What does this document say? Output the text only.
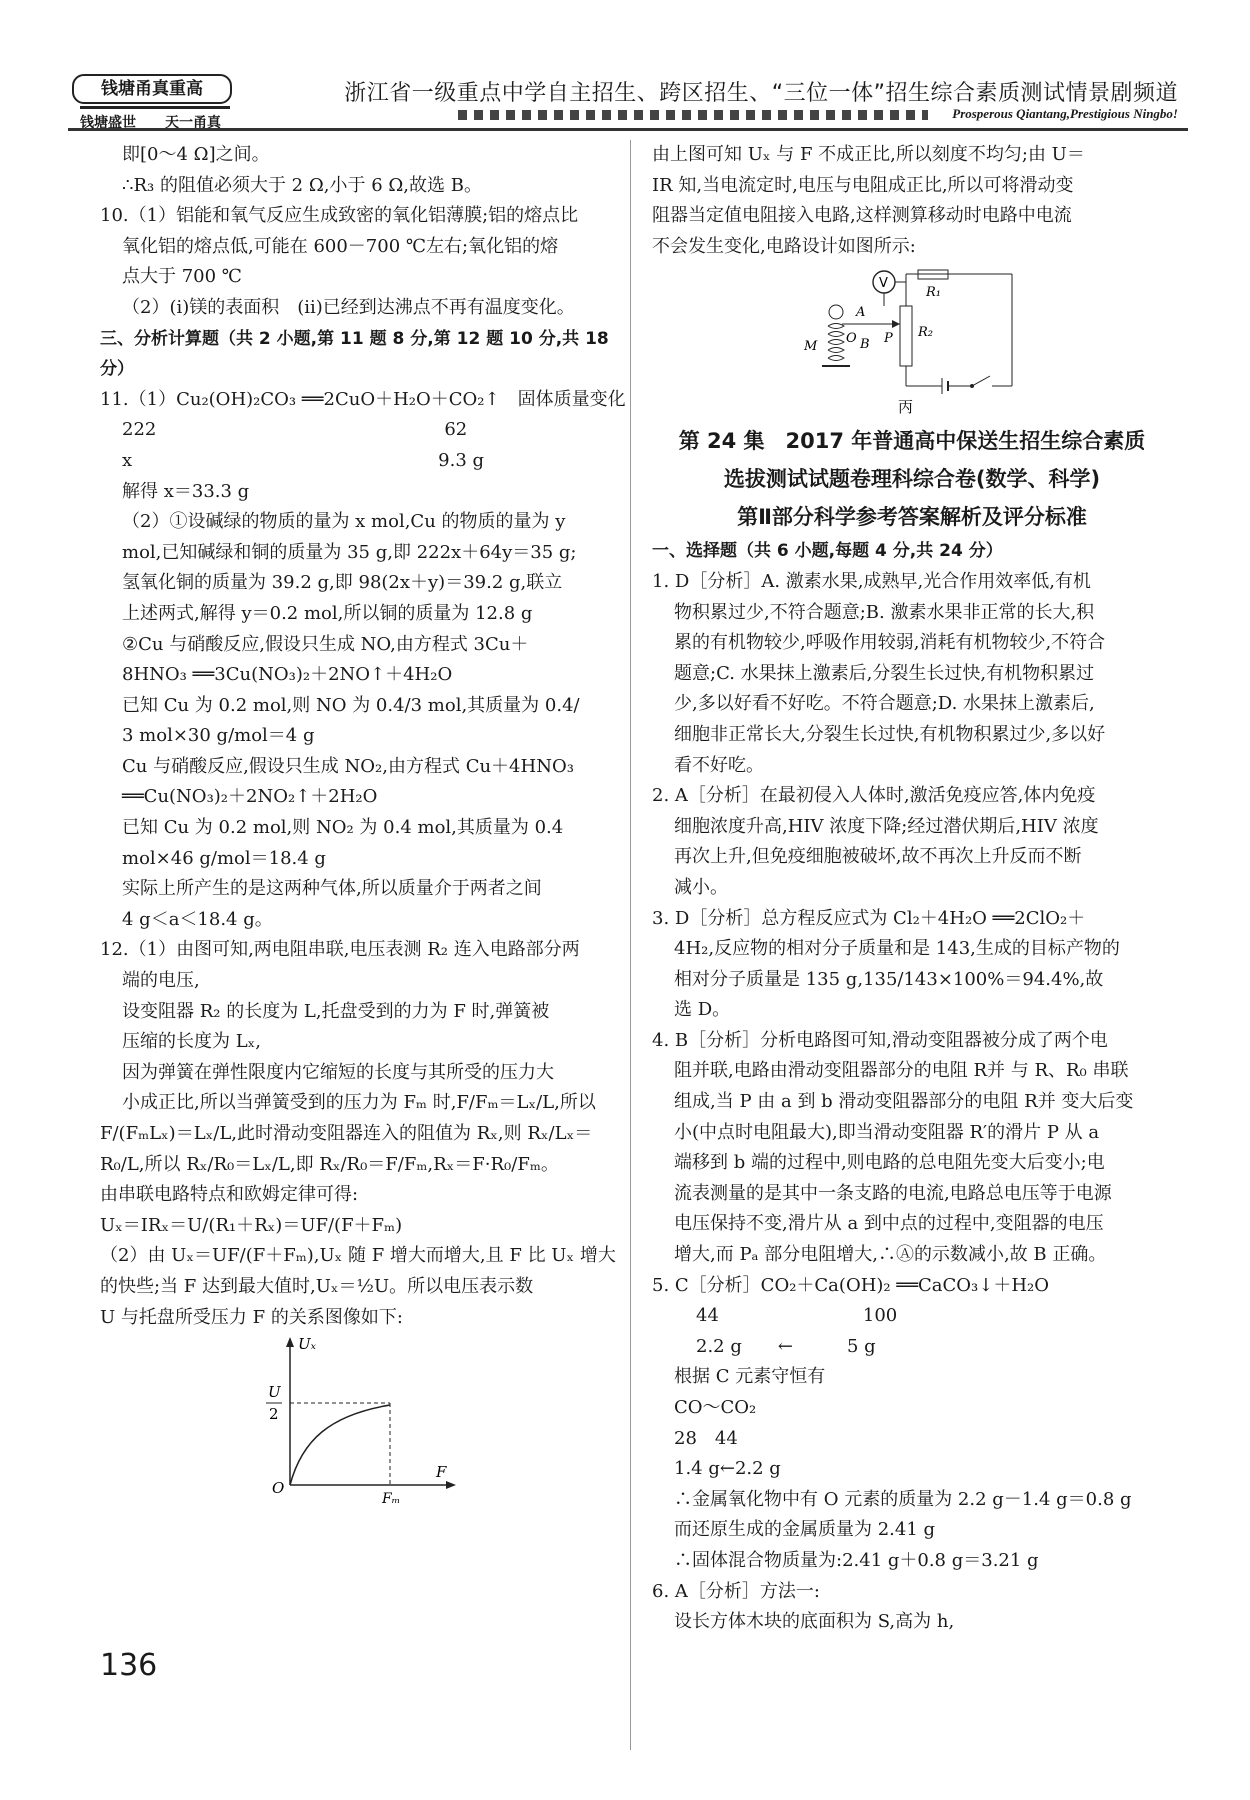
钱塘甬真重高
钱塘盛世 天一甬真
浙江省一级重点中学自主招生、跨区招生、“三位一体”招生综合素质测试情景剧频道
Prosperous Qiantang,Prestigious Ningbo!
即[0～4 Ω]之间。
∴R₃ 的阻值必须大于 2 Ω,小于 6 Ω,故选 B。
10.（1）铝能和氧气反应生成致密的氧化铝薄膜;铝的熔点比
氧化铝的熔点低,可能在 600－700 ℃左右;氧化铝的熔
点大于 700 ℃
（2）(i)镁的表面积　(ii)已经到达沸点不再有温度变化。
三、分析计算题（共 2 小题,第 11 题 8 分,第 12 题 10 分,共 18
分）
11.（1）Cu₂(OH)₂CO₃ ══2CuO＋H₂O＋CO₂↑　固体质量变化
222　　　　　　　　　　　　　　　　62
x　　　　　　　　　　　　　　　　　9.3 g
解得 x＝33.3 g
（2）①设碱绿的物质的量为 x mol,Cu 的物质的量为 y
mol,已知碱绿和铜的质量为 35 g,即 222x＋64y＝35 g;
氢氧化铜的质量为 39.2 g,即 98(2x＋y)＝39.2 g,联立
上述两式,解得 y＝0.2 mol,所以铜的质量为 12.8 g
②Cu 与硝酸反应,假设只生成 NO,由方程式 3Cu＋
8HNO₃ ══3Cu(NO₃)₂＋2NO↑＋4H₂O
已知 Cu 为 0.2 mol,则 NO 为 0.4/3 mol,其质量为 0.4/
3 mol×30 g/mol＝4 g
Cu 与硝酸反应,假设只生成 NO₂,由方程式 Cu＋4HNO₃
══Cu(NO₃)₂＋2NO₂↑＋2H₂O
已知 Cu 为 0.2 mol,则 NO₂ 为 0.4 mol,其质量为 0.4
mol×46 g/mol＝18.4 g
实际上所产生的是这两种气体,所以质量介于两者之间
4 g＜a＜18.4 g。
12.（1）由图可知,两电阻串联,电压表测 R₂ 连入电路部分两
端的电压,
设变阻器 R₂ 的长度为 L,托盘受到的力为 F 时,弹簧被
压缩的长度为 Lₓ,
因为弹簧在弹性限度内它缩短的长度与其所受的压力大
小成正比,所以当弹簧受到的压力为 Fₘ 时,F/Fₘ＝Lₓ/L,所以
F/(FₘLₓ)＝Lₓ/L,此时滑动变阻器连入的阻值为 Rₓ,则 Rₓ/Lₓ＝
R₀/L,所以 Rₓ/R₀＝Lₓ/L,即 Rₓ/R₀＝F/Fₘ,Rₓ＝F·R₀/Fₘ。
由串联电路特点和欧姆定律可得:
Uₓ＝IRₓ＝U/(R₁＋Rₓ)＝UF/(F＋Fₘ)
（2）由 Uₓ＝UF/(F＋Fₘ),Uₓ 随 F 增大而增大,且 F 比 Uₓ 增大
的快些;当 F 达到最大值时,Uₓ＝½U。所以电压表示数
U 与托盘所受压力 F 的关系图像如下:
Uₓ
F
U
2
O
Fₘ
由上图可知 Uₓ 与 F 不成正比,所以刻度不均匀;由 U＝
IR 知,当电流定时,电压与电阻成正比,所以可将滑动变
阻器当定值电阻接入电路,这样测算移动时电路中电流
不会发生变化,电路设计如图所示:
V
R₁
R₂
A
O B P
M
丙
第 24 集　2017 年普通高中保送生招生综合素质
选拔测试试题卷理科综合卷(数学、科学)
第Ⅱ部分科学参考答案解析及评分标准
一、选择题（共 6 小题,每题 4 分,共 24 分）
1. D［分析］A. 激素水果,成熟早,光合作用效率低,有机
物积累过少,不符合题意;B. 激素水果非正常的长大,积
累的有机物较少,呼吸作用较弱,消耗有机物较少,不符合
题意;C. 水果抹上激素后,分裂生长过快,有机物积累过
少,多以好看不好吃。不符合题意;D. 水果抹上激素后,
细胞非正常长大,分裂生长过快,有机物积累过少,多以好
看不好吃。
2. A［分析］在最初侵入人体时,激活免疫应答,体内免疫
细胞浓度升高,HIV 浓度下降;经过潜伏期后,HIV 浓度
再次上升,但免疫细胞被破坏,故不再次上升反而不断
减小。
3. D［分析］总方程反应式为 Cl₂＋4H₂O ══2ClO₂＋
4H₂,反应物的相对分子质量和是 143,生成的目标产物的
相对分子质量是 135 g,135/143×100%＝94.4%,故
选 D。
4. B［分析］分析电路图可知,滑动变阻器被分成了两个电
阻并联,电路由滑动变阻器部分的电阻 R并 与 R、R₀ 串联
组成,当 P 由 a 到 b 滑动变阻器部分的电阻 R并 变大后变
小(中点时电阻最大),即当滑动变阻器 R′的滑片 P 从 a
端移到 b 端的过程中,则电路的总电阻先变大后变小;电
流表测量的是其中一条支路的电流,电路总电压等于电源
电压保持不变,滑片从 a 到中点的过程中,变阻器的电压
增大,而 Pₐ 部分电阻增大,∴Ⓐ的示数减小,故 B 正确。
5. C［分析］CO₂＋Ca(OH)₂ ══CaCO₃↓＋H₂O
44　　　　　　　　100
2.2 g　　←　　　5 g
根据 C 元素守恒有
CO～CO₂
28　44
1.4 g←2.2 g
∴金属氧化物中有 O 元素的质量为 2.2 g－1.4 g＝0.8 g
而还原生成的金属质量为 2.41 g
∴固体混合物质量为:2.41 g＋0.8 g＝3.21 g
6. A［分析］方法一:
设长方体木块的底面积为 S,高为 h,
136
